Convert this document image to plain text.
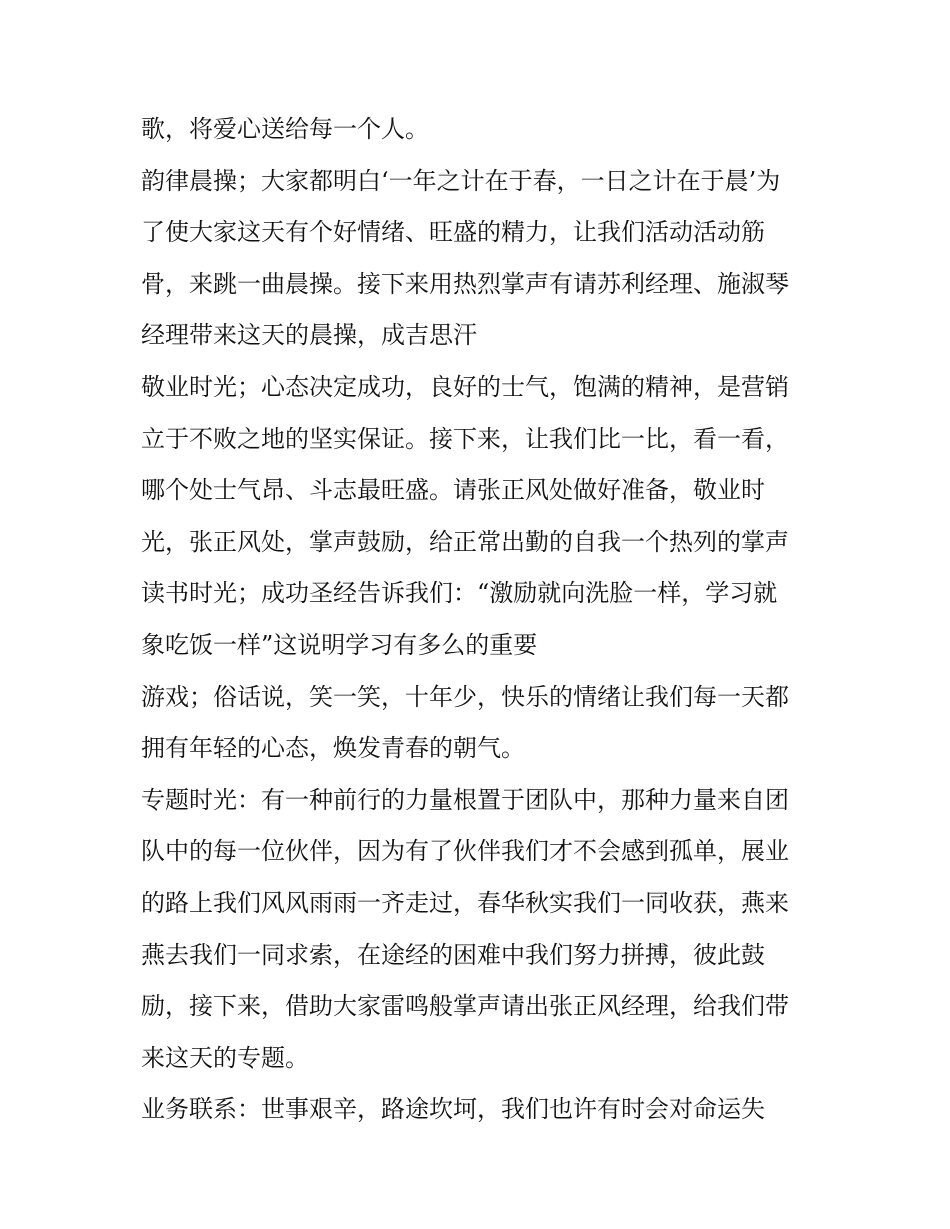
歌，将爱心送给每一个人。
韵律晨操；大家都明白‘一年之计在于春，一日之计在于晨’为
了使大家这天有个好情绪、旺盛的精力，让我们活动活动筋
骨，来跳一曲晨操。接下来用热烈掌声有请苏利经理、施淑琴
经理带来这天的晨操，成吉思汗
敬业时光；心态决定成功，良好的士气，饱满的精神，是营销
立于不败之地的坚实保证。接下来，让我们比一比，看一看，
哪个处士气昂、斗志最旺盛。请张正风处做好准备，敬业时
光，张正风处，掌声鼓励，给正常出勤的自我一个热列的掌声
读书时光；成功圣经告诉我们：“激励就向洗脸一样，学习就
象吃饭一样”这说明学习有多么的重要
游戏；俗话说，笑一笑，十年少，快乐的情绪让我们每一天都
拥有年轻的心态，焕发青春的朝气。
专题时光：有一种前行的力量根置于团队中，那种力量来自团
队中的每一位伙伴，因为有了伙伴我们才不会感到孤单，展业
的路上我们风风雨雨一齐走过，春华秋实我们一同收获，燕来
燕去我们一同求索，在途经的困难中我们努力拼搏，彼此鼓
励，接下来，借助大家雷鸣般掌声请出张正风经理，给我们带
来这天的专题。
业务联系：世事艰辛，路途坎坷，我们也许有时会对命运失
